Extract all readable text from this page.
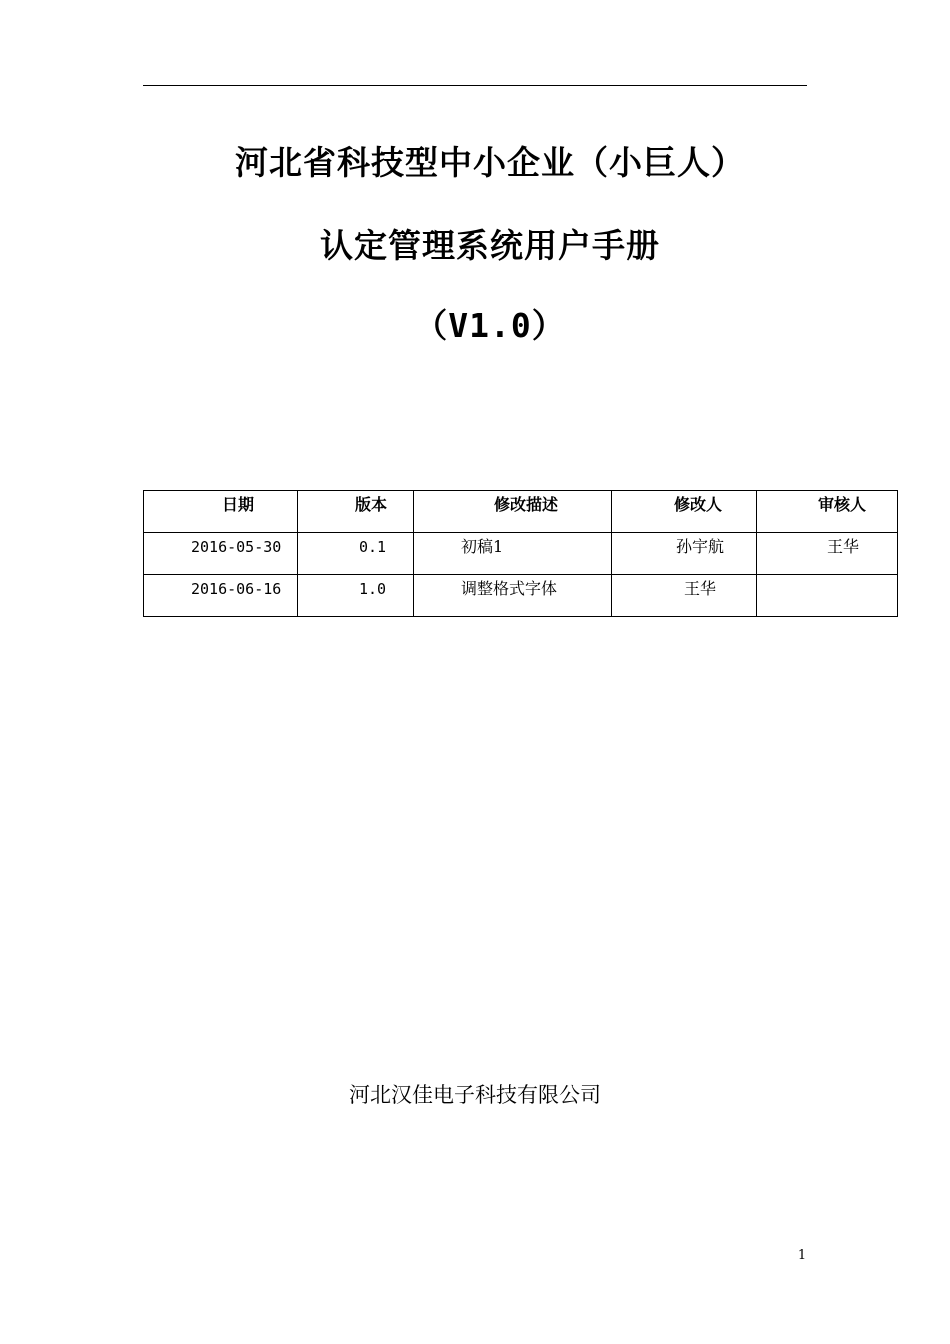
河北省科技型中小企业（小巨人）
认定管理系统用户手册
（V1.0）
日期	版本	修改描述	修改人	审核人
2016-05-30	0.1	初稿1	孙宇航	王华
2016-06-16	1.0	调整格式字体	王华	
河北汉佳电子科技有限公司
1
